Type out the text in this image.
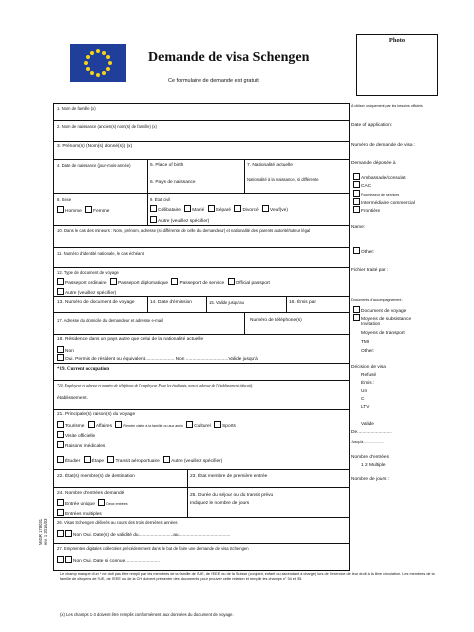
Demande de visa Schengen
Ce formulaire de demande est gratuit
Photo
1. Nom de famille (x)
2. Nom de naissance (ancien(s) nom(s) de famille) (x)
3. Prénom(s) (Nom(s) donné(s)) (x)
4. Date de naissance (jour-mois-année)	5. Place of birth
6. Pays de naissance
7. Nationalité actuelle
Nationalité à la naissance, si différente
8. Sexe
Homme Femme
9. État civil
Célibataire Marié Séparé Divorcé Veuf(ve)
Autre (veuillez spécifier)
10. Dans le cas des mineurs : Nom, prénom, adresse (si différente de celle du demandeur) et nationalité des parents autorité/tuteur légal
11. Numéro d'identité nationale, le cas échéant
12. Type de document de voyage
Passeport ordinaire Passeport diplomatique Passeport de service Official passport
Autre (veuillez spécifier)
13. Numéro de document de voyage	14. Date d'émission	15. Valide jusqu'au	16. Émis par
17. Adresse du domicile du demandeur et adresse e-mail	Numéro de téléphone(s)
18. Résidence dans un pays autre que celui de la nationalité actuelle
Non
Oui. Permis de résident ou équivalent...................... Non ................................Valide jusqu'à
*19. Current occupation
*20. Employeur et adresse et numéro de téléphone de l'employeur. Pour les étudiants, nom et adresse de l'établissement éducatif.
établissement.
21. Principale(s) raison(s) du voyage
Tourisme Affaires	Rendre visite à la famille ou aux amis Culturel Sports
Visite officielle
Raisons médicales
Étudier Étape Transit aéroportuaire Autre (veuillez spécifier)
22. État(s) membre(s) de destination	23. État membre de première entrée
24. Nombre d'entrées demandé
Entrée unique	Deux entrées
Entrées multiples
25. Durée du séjour ou du transit prévu
Indiquez le nombre de jours
26. Visas Schengen délivrés au cours des trois dernières années
Non Oui. Date(s) de validité du..........................au.......................................
27. Empreintes digitales collectées précédemment dans le but de faire une demande de visa Schengen
Non Oui. Date si connue..........................
À utiliser uniquement par les besoins officiels
Date of application:
Numéro de demande de visa :
Demande déposée à
Ambassade/consulat
CAC
Fournisseur de services
Intermédiaire commercial
Frontière
Name:
Other:
Fichier traité par :
Documents d'accompagnement :
Document de voyage
Moyens de subsistance
Invitation
Moyens de transport
TMI
Other:
Décision de visa
Refusé
Émis :
Un
C
LTV
Valide
De..........................
Jusqu'à.....................
Nombre d'entrées
1 2 Multiple
Nombre de jours :
Le champ marqué d'un * ne doit pas être rempli par les membres de la famille de l'UE, de l'EEE ou de la Suisse (conjoint, enfant ou ascendant à charge) lors de l'exercice de leur droit à la libre circulation. Les membres de la famille de citoyens de l'UE, de l'EEE ou de la CH doivent présenter des documents pour prouver cette relation et remplir les champs n° 34 et 35.
(x) Les champs 1-3 doivent être remplis conformément aux données du document de voyage.
MIGR 178031 rev. 1 2016/03
